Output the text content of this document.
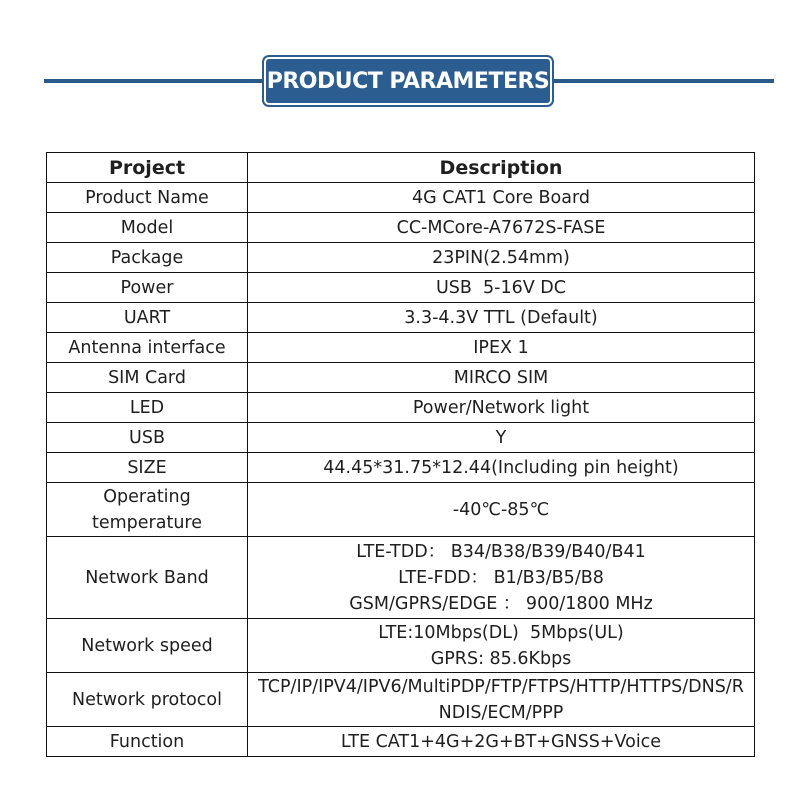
PRODUCT PARAMETERS
Project	Description
Product Name	4G CAT1 Core Board
Model	CC-MCore-A7672S-FASE
Package	23PIN(2.54mm)
Power	USB  5-16V DC
UART	3.3-4.3V TTL (Default)
Antenna interface	IPEX 1
SIM Card	MIRCO SIM
LED	Power/Network light
USB	Y
SIZE	44.45*31.75*12.44(Including pin height)
Operating temperature	-40℃-85℃
Network Band	LTE-TDD： B34/B38/B39/B40/B41
LTE-FDD： B1/B3/B5/B8
GSM/GPRS/EDGE ： 900/1800 MHz

Network speed	LTE:10Mbps(DL)  5Mbps(UL)
GPRS: 85.6Kbps

Network protocol	TCP/IP/IPV4/IPV6/MultiPDP/FTP/FTPS/HTTP/HTTPS/DNS/RNDIS/ECM/PPP
Function	LTE CAT1+4G+2G+BT+GNSS+Voice
